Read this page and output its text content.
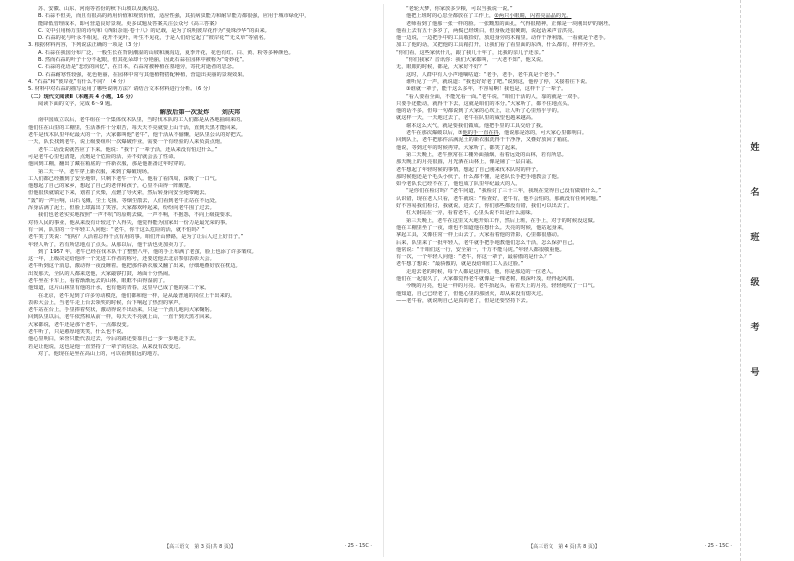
苏、安徽、山东、河南等省份的秋下山坡以及溪沟边。
B. 石蒜不但美，而且有很高的药用价值和观赏价值，适应性强，其抗病虫能力和耐旱能力都很强，应用于城市绿化中，
能降低管理成本，即可营造良好景观。更多试题及答案关注公众号《高三答案》
C. 文中引用杨万里的诗句和《西阳杂俎·卷十八》的记载，是为了说明彼岸花作为“曼珠沙华”的由来。
D. 石蒜的花与叶永不相见，花开不见叶，叶生不见花，于是人们给它起了“彼岸花”“无义草”等别名。
3. 根据材料内容，下列说法正确的一项是（3 分）
A. 石蒜在我国分布广泛，一般生长在背阴潮湿的山坡和溪沟边，夏季开花，花色有红、白、黄、粉等多种颜色。
B. 然而石蒜的叶子十分不起眼，但其花朵却十分艳丽，因此石蒜在园林中被称为“奇妙花”。
C. 石蒜的花语是“悲伤的回忆”，在日本，石蒜常被种植在墓地旁，寄托对逝者的思念。
D. 石蒜耐寒性较强，花色艳丽，在园林中常与其他植物搭配种植，营造出美丽的景观效果。
4. “石蒜”和“彼岸花”有什么不同？（4 分）
5. 材料中对石蒜的描写运用了哪些说明方法？请结合文本材料进行分析。（6 分）
（二）现代文阅读Ⅱ（本题共 4 小题，16 分）
阅读下面的文字，完成 6～9 题。
解放后第一次发炸　　刘庆邦
南中国成立以后，老牛组在一个集体伐木队里，当时伐木队的工人们都是从各地抽调来的。
他们住在山里的工棚里，生活条件十分艰苦，每天天不亮就要上山干活，直到天黑才能回来。
老牛是伐木队里年纪最大的一个，大家都叫他“老牛”，他干活从不偷懒，是队里公认的好把式。
一天，队长找到老牛，说上级要组织一次爆破作业，需要一个有经验的人来负责点炮。
老牛二话没说就答应了下来。他说：“我干了一辈子活，还从来没有怕过什么。”
可是老牛心里也清楚，点炮是个危险的活，弄不好就会丢了性命。
他回到工棚，翻出了藏在箱底的一件新衣服，那是他准备过年时穿的。
第二天一早，老牛穿上新衣服，来到了爆破现场。
工人们都已经撤到了安全地带，只剩下老牛一个人。他看了看四周，深吸了一口气。
他想起了自己的家乡，想起了自己的老伴和孩子，心里不由得一阵酸楚。
但他很快就镇定下来，划着了火柴，点燃了导火索，然后转身向安全地带跑去。
“轰”的一声巨响，山石飞溅，尘土飞扬。等烟尘散去，人们看到老牛正站在不远处，
浑身沾满了泥土，但脸上却露出了笑容。大家都欢呼起来，纷纷向老牛围了过去。
我们也老老实实地按照“一声不吭”的原则去做，一声不响，不抱怨，不向上级提要求。
对待人民的事业，他从来没有计较过个人得失，他觉得能为国家出一份力是最光荣的事。
有一回，队里的一个年轻工人问他：“老牛，你干这么危险的活，就不怕吗？”
老牛笑了笑说：“怕啥？人活着总得干点有用的事。咱们开山修路，是为了让后人过上好日子。”
年轻人听了，若有所思地点了点头。从那以后，他干活也更加卖力了。
到了 1957 年，老牛已经在伐木队干了整整八年，他的手上布满了老茧，脸上也添了许多皱纹。
这一年，上级决定给他评一个先进工作者的称号，还要送他去北京参加表彰大会。
老牛听到这个消息，激动得一夜没睡着。他把那件新衣服又翻了出来，仔细地叠好放在枕边。
出发那天，全队的人都来送他，大家敲锣打鼓，场面十分热闹。
老牛坐在卡车上，看着渐渐远去的山林，眼眶不由得湿润了。
他知道，这片山林里有他的汗水，也有他的青春，这里早已成了他的第二个家。
在北京，老牛见到了许多劳动模范，他们都和他一样，是从最普通的岗位上干出来的。
表彰大会上，当老牛走上台去领奖的时候，台下响起了热烈的掌声。
老牛站在台上，手里捧着奖状，激动得说不出话来，只是一个劲儿地向大家鞠躬。
回到队里以后，老牛依然和从前一样，每天天不亮就上山，一直干到天黑才回来。
大家都说，老牛还是那个老牛，一点都没变。
老牛听了，只是憨厚地笑笑，什么也不说。
他心里明白，荣誉只能代表过去，今后的路还要靠自己一步一步地走下去。
若是让他说，这也是他一直坚持了一辈子的信念，从来没有改变过。
对了。他现在是坐在高山上的，可以看到很远的地方。
“老轮大梦，你家放多少粮，可以当我说一说。”
他把上班时的心思全都放在了工作上，②两只小眼睛，闪着亮晶晶的光。
老师看到了他那一张一样的脸。一张黝黑的面孔，气得很精神，正像是一块刚出炉的钢坯。
他看上去有五十多岁了，两鬓已经斑白，但身板还很硬朗，说起话来声音洪亮。
他一边说，一边把手中的工具收拾好，放进身旁的木箱里。动作干净利落，一看就是个老手。
加工了他的话，又把他的工具箱打开，让我们看了看里面的东西，什么都有，样样齐全。
“你们看，这些家伙什儿，跟了我几十年了，比我的亲儿子还亲。”
“你们我家？音讯你：我们大家都叫，一大老不知”，他又说。
无，眼眼的时候，都是，大家好不好？”
这时，人群中有人小声地嘀咕道：“老手，老手，老牛真是个老手。”
谁听见了一声，就说道：“我也好好老了吧。”说到这，他停了停，又接着往下说。
③谁就一辈子，能干这么多年，不容易啊！我也是，这样干了一辈子。
“看人要看全面，不能光看一面。”老牛说，“咱们干活的人，靠的就是一双手。
只要手还能动，就得干下去，这就是咱们的本分。”大家听了，都不住地点头。
他的话不多，但每一句都说到了大家的心坎上，让人听了心里热乎乎的。
就这样一天，一天地过去了，老牛在队里的威望也越来越高。
谢本这么大气，就是要我们做成。他把手里的工具交给了我。
老牛在那次爆破以后，⑦他的手一直在抖，他说那是冻的，可大家心里都明白。
回到队上，老牛把那件沾满泥土的新衣服洗得干干净净，又叠好放回了箱底。
他说，等到过年的时候再穿。大家听了，都笑了起来。
第二天晚上，老牛照常在工棚外面抽烟，看着远处的山林，若有所思。
那天晚上的月亮很圆，月光洒在山林上，像是铺了一层白霜。
老牛想起了年轻时候的事情，想起了自己刚来伐木队时的样子。
那时候他还是个毛头小伙子，什么都不懂，是老队长手把手地教会了他。
如今老队长已经不在了，他也成了队里年纪最大的人。
“是你们在检讨吗？”老牛问道，“我检讨了三十三年，我现在觉得自己没有做错什么。”
认识错，现在老人只看，老牛就说：“检查好，老牛有，他不会怕的，那就没有任何问题。”
好不容易我们检讨，我就说，进去了，你们那些都没有错，我们可以出去了。
杠大钢站在一旁，看着老牛，心里头说不出是什么滋味。
第三天晚上，老牛在这里又大地开始工作，然后上班，在手上，对于的时候没这做。
他在工棚里坐了一夜，谁也不知道他在想什么。天亮的时候，他站起身来，
拿起工具，又像往常一样上山去了。大家看着他的背影，心里都很感动。
后来，队里来了一批年轻人，老牛就手把手地教他们怎么干活，怎么保护自己。
他常说：“干咱们这一行，安全第一，千万不能马虎。”年轻人都很敬重他。
有一次，一个年轻人问他：“老牛，你这一辈子，最骄傲的是什么？”
老牛想了想说：“最骄傲的，就是没给咱们工人丢过脸。”
走进去老的时候，每个人都是这样的，他，你是那边的一位老人。
他们在一起很久了，大家都觉得老牛就像是一棵老树，根深叶茂，经得起风雨。
今晚的月亮，也是一样的月亮。老牛抬起头，看着天上的月亮，轻轻地叹了一口气。
他知道，自己已经老了，但他心里的那团火，却从来没有熄灭过。
——老牛看，就说明自己是真的老了，但是还要坚持下去。
【高三语文　第 3 页(共 8 页)】	· 25 - 15C ·	【高三语文　第 4 页(共 8 页)】	· 25 - 15C ·
姓
名
班
级
考
号
